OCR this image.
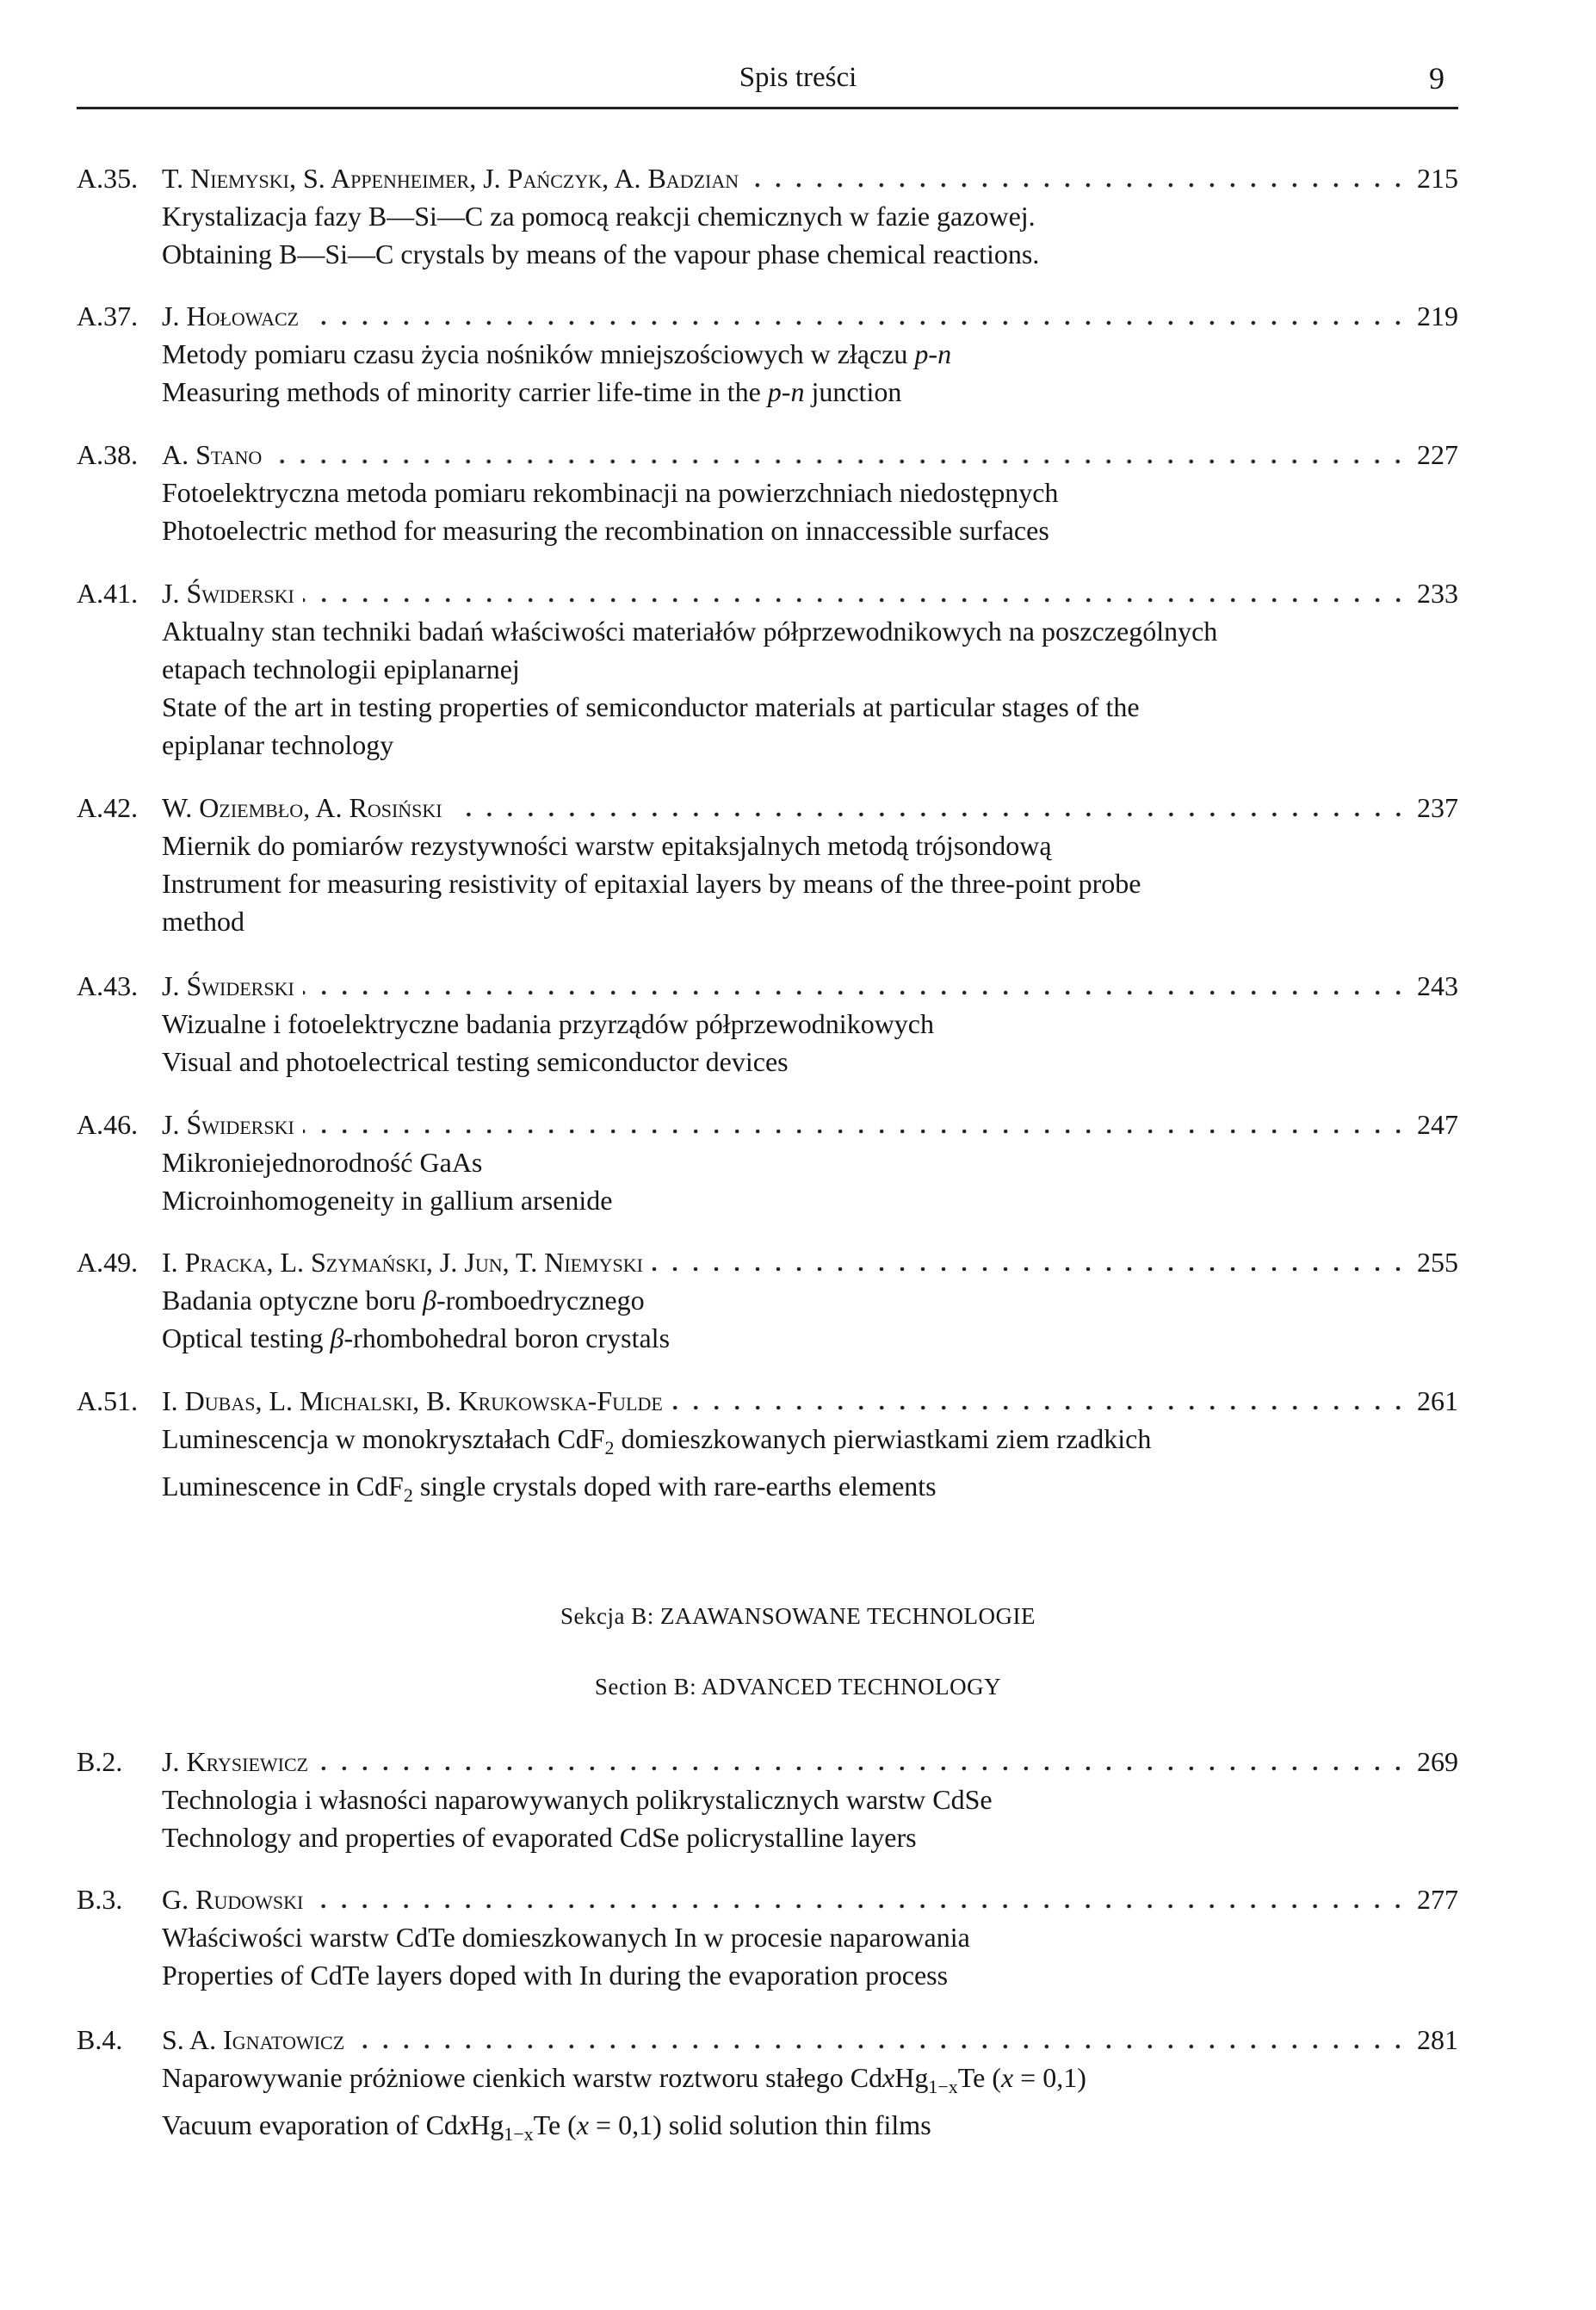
Spis treści	9
A.35. T. Niemyski, S. Appenheimer, J. Pańczyk, A. Badzian	215
Krystalizacja fazy B—Si—C za pomocą reakcji chemicznych w fazie gazowej.
Obtaining B—Si—C crystals by means of the vapour phase chemical reactions.
A.37. J. Hołowacz	219
Metody pomiaru czasu życia nośników mniejszościowych w złączu p-n
Measuring methods of minority carrier life-time in the p-n junction
A.38. A. Stano	227
Fotoelektryczna metoda pomiaru rekombinacji na powierzchniach niedostępnych
Photoelectric method for measuring the recombination on innaccessible surfaces
A.41. J. Świderski	233
Aktualny stan techniki badań właściwości materiałów półprzewodnikowych na poszczególnych
etapach technologii epiplanarnej
State of the art in testing properties of semiconductor materials at particular stages of the
epiplanar technology
A.42. W. Oziembło, A. Rosiński	237
Miernik do pomiarów rezystywności warstw epitaksjalnych metodą trójsondową
Instrument for measuring resistivity of epitaxial layers by means of the three-point probe
method
A.43. J. Świderski	243
Wizualne i fotoelektryczne badania przyrządów półprzewodnikowych
Visual and photoelectrical testing semiconductor devices
A.46. J. Świderski	247
Mikroniejednorodność GaAs
Microinhomogeneity in gallium arsenide
A.49. I. Pracka, L. Szymański, J. Jun, T. Niemyski	255
Badania optyczne boru β-romboedrycznego
Optical testing β-rhombohedral boron crystals
A.51. I. Dubas, L. Michalski, B. Krukowska-Fulde	261
Luminescencja w monokryształach CdF$_2$ domieszkowanych pierwiastkami ziem rzadkich
Luminescence in CdF$_2$ single crystals doped with rare-earths elements
Sekcja B: ZAAWANSOWANE TECHNOLOGIE
Section B: ADVANCED TECHNOLOGY
B.2.	J. Krysiewicz	269
Technologia i własności naparowywanych polikrystalicznych warstw CdSe
Technology and properties of evaporated CdSe policrystalline layers
B.3.	G. Rudowski	277
Właściwości warstw CdTe domieszkowanych In w procesie naparowania
Properties of CdTe layers doped with In during the evaporation process
B.4.	S. A. Ignatowicz	281
Naparowywanie próżniowe cienkich warstw roztworu stałego CdxHg$_{1-x}$Te (x = 0,1)
Vacuum evaporation of CdxHg$_{1-x}$Te (x = 0,1) solid solution thin films
